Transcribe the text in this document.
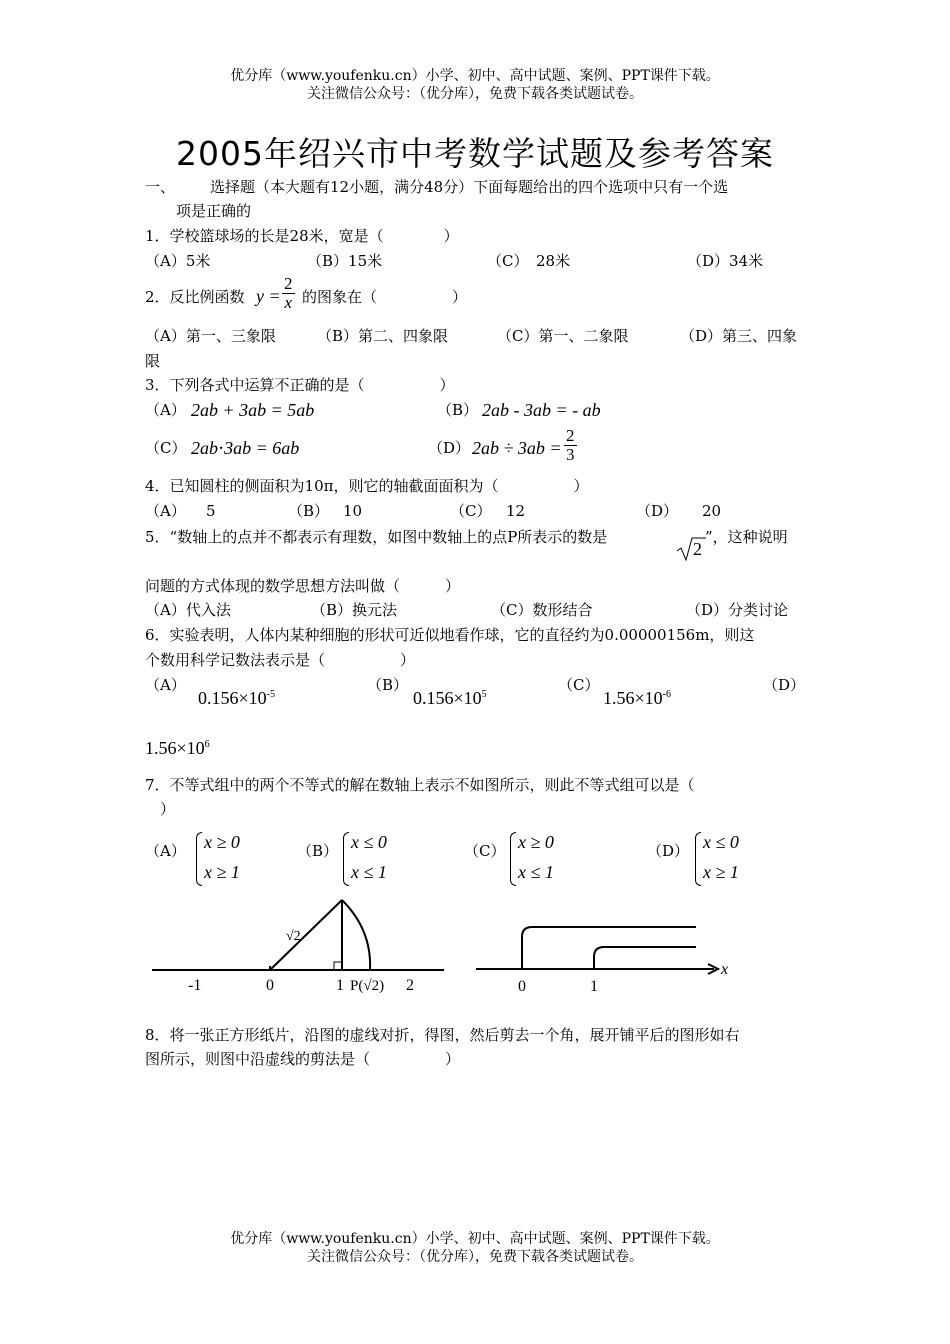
优分库（www.youfenku.cn）小学、初中、高中试题、案例、PPT课件下载。
关注微信公众号：（优分库），免费下载各类试题试卷。
2005年绍兴市中考数学试题及参考答案
一、 选择题（本大题有12小题，满分48分）下面每题给出的四个选项中只有一个选
项是正确的
1．学校篮球场的长是28米，宽是（　　　　）
（A）5米	（B）15米	（C）　28米	（D）34米
2．反比例函数 $y = \frac{2}{x}$ 的图象在（　　　　　）
（A）第一、三象限	（B）第二、四象限	（C）第一、二象限	（D）第三、四象
限
3．下列各式中运算不正确的是（　　　　　）
（A） 2ab + 3ab = 5ab	（B） 2ab - 3ab = - ab
（C） 2ab⋅3ab = 6ab	（D） $2ab \div 3ab = \frac{2}{3}$
4．已知圆柱的侧面积为10π，则它的轴截面面积为（　　　　　）
（A） 5	（B） 10	（C） 12	（D） 20
5．“数轴上的点并不都表示有理数，如图中数轴上的点P所表示的数是
2
”，这种说明
问题的方式体现的数学思想方法叫做（　　　）
（A）代入法	（B）换元法	（C）数形结合	（D）分类讨论
6．实验表明，人体内某种细胞的形状可近似地看作球，它的直径约为0.00000156m，则这
个数用科学记数法表示是（　　　　　）
（A）
$0.156\times 10^{-5}$
（B）
$0.156\times 10^5$
（C）
$1.56\times 10^{-6}$
（D）
$1.56\times 10^6$
7．不等式组中的两个不等式的解在数轴上表示不如图所示，则此不等式组可以是（
）
（A） x ≥ 0
x ≥ 1
（B） x ≤ 0
x ≤ 1
（C） x ≥ 0
x ≤ 1
（D） x ≤ 0
x ≥ 1
√2
-1	0	1 P(√2) 2	0	1
x
8．将一张正方形纸片，沿图的虚线对折，得图，然后剪去一个角，展开铺平后的图形如右
图所示，则图中沿虚线的剪法是（　　　　　）
优分库（www.youfenku.cn）小学、初中、高中试题、案例、PPT课件下载。
关注微信公众号：（优分库），免费下载各类试题试卷。
